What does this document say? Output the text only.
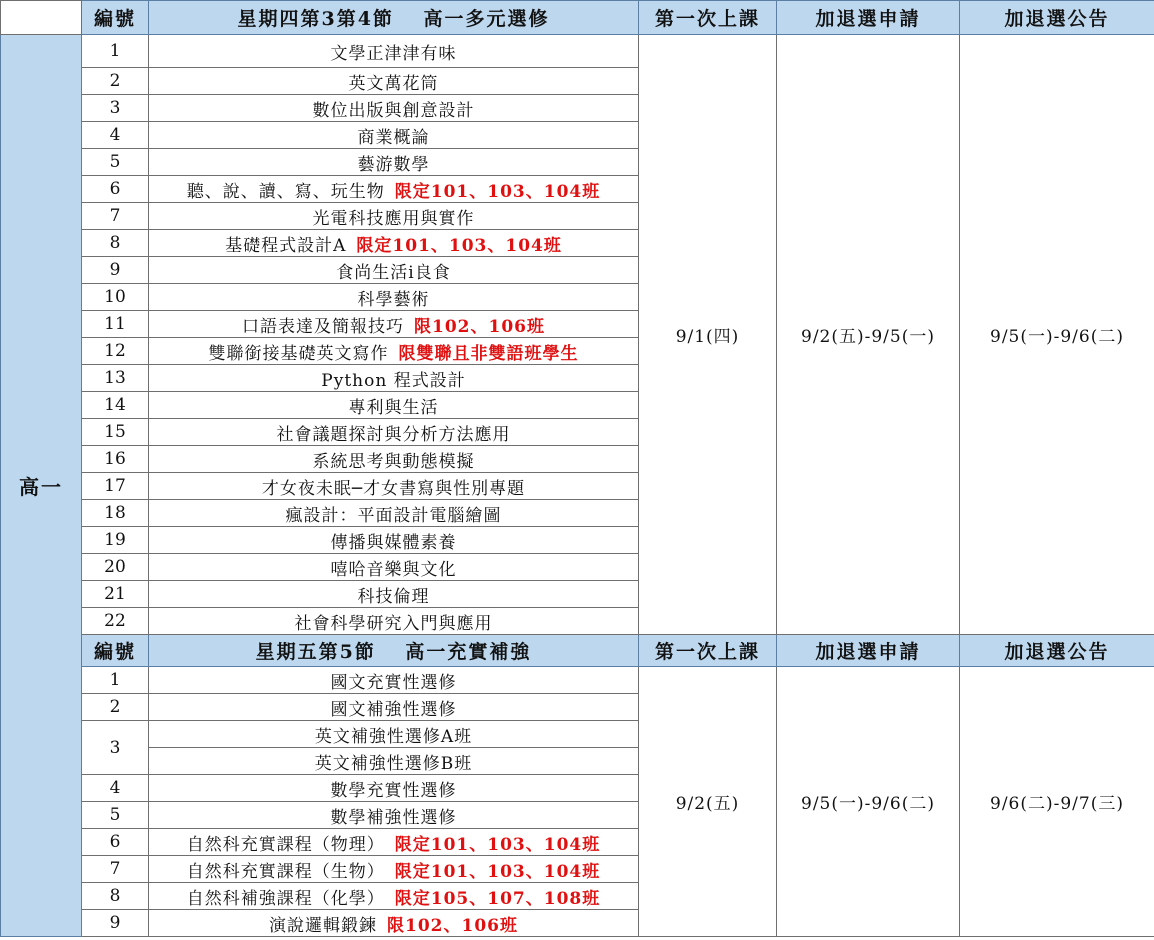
	編號	星期四第3第4節　 高一多元選修	第一次上課	加退選申請	加退選公告
高一	1	文學正津津有味	9/1(四)	9/2(五)-9/5(一)	9/5(一)-9/6(二)
	2	英文萬花筒			
	3	數位出版與創意設計			
	4	商業概論			
	5	藝游數學			
	6	聽、說、讀、寫、玩生物 限定101、103、104班			
	7	光電科技應用與實作			
	8	基礎程式設計A 限定101、103、104班			
	9	食尚生活i良食			
	10	科學藝術			
	11	口語表達及簡報技巧 限102、106班			
	12	雙聯銜接基礎英文寫作 限雙聯且非雙語班學生			
	13	Python 程式設計			
	14	專利與生活			
	15	社會議題探討與分析方法應用			
	16	系統思考與動態模擬			
	17	才女夜未眠─才女書寫與性別專題			
	18	瘋設計：平面設計電腦繪圖			
	19	傳播與媒體素養			
	20	嘻哈音樂與文化			
	21	科技倫理			
	22	社會科學研究入門與應用			
	編號	星期五第5節　 高一充實補強	第一次上課	加退選申請	加退選公告
	1	國文充實性選修	9/2(五)	9/5(一)-9/6(二)	9/6(二)-9/7(三)
	2	國文補強性選修			
	3	英文補強性選修A班			
		英文補強性選修B班			
	4	數學充實性選修			
	5	數學補強性選修			
	6	自然科充實課程（物理） 限定101、103、104班			
	7	自然科充實課程（生物） 限定101、103、104班			
	8	自然科補強課程（化學） 限定105、107、108班			
	9	演說邏輯鍛鍊 限102、106班			
